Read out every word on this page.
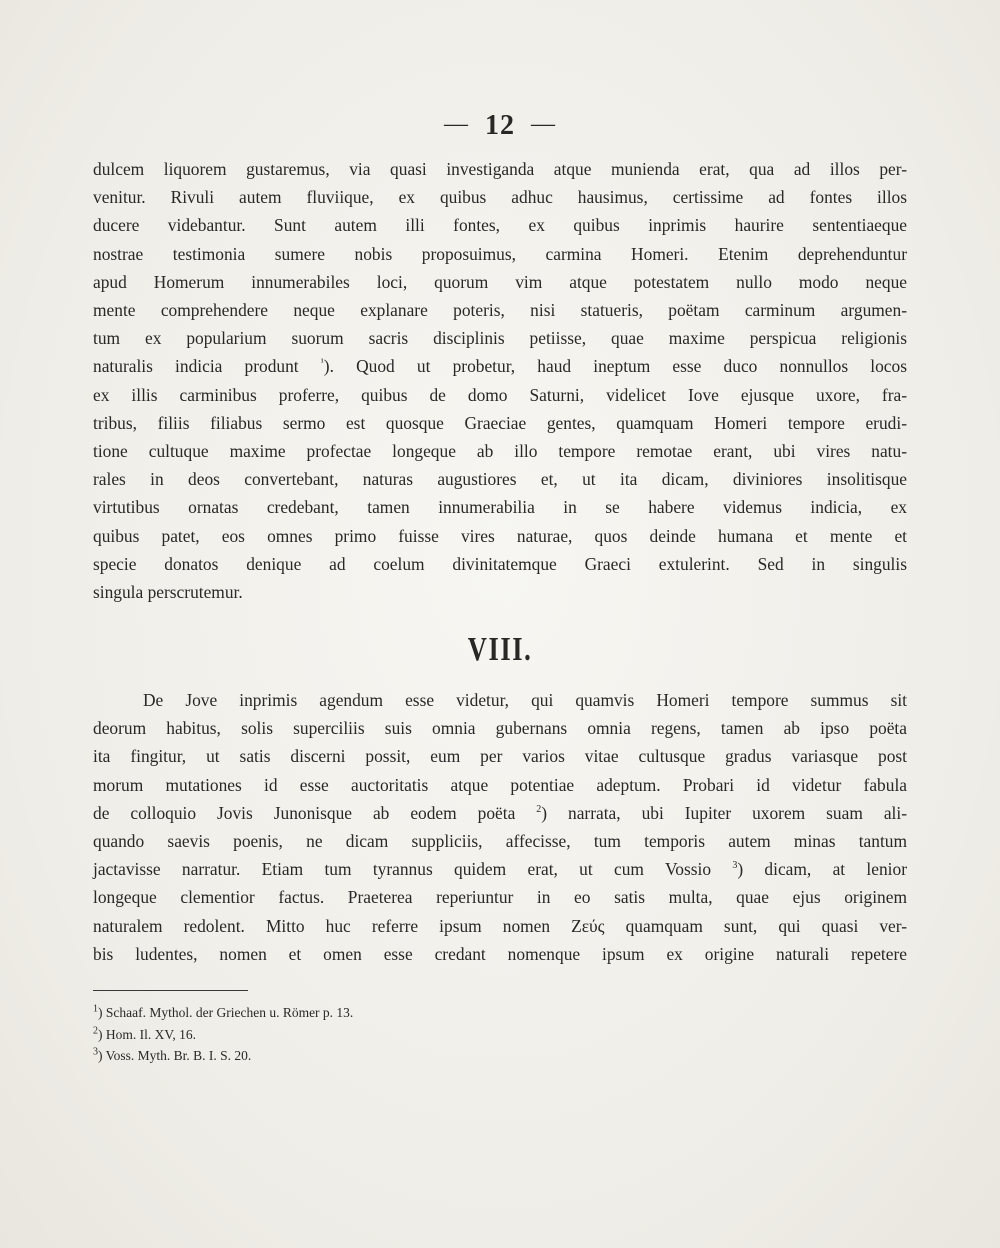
— 12 —
dulcem liquorem gustaremus, via quasi investiganda atque munienda erat, qua ad illos per-
venitur. Rivuli autem fluviique, ex quibus adhuc hausimus, certissime ad fontes illos
ducere videbantur. Sunt autem illi fontes, ex quibus inprimis haurire sententiaeque
nostrae testimonia sumere nobis proposuimus, carmina Homeri. Etenim deprehenduntur
apud Homerum innumerabiles loci, quorum vim atque potestatem nullo modo neque
mente comprehendere neque explanare poteris, nisi statueris, poëtam carminum argumen-
tum ex popularium suorum sacris disciplinis petiisse, quae maxime perspicua religionis
naturalis indicia produnt $^{^1}$). Quod ut probetur, haud ineptum esse duco nonnullos locos
ex illis carminibus proferre, quibus de domo Saturni, videlicet Iove ejusque uxore, fra-
tribus, filiis filiabus sermo est quosque Graeciae gentes, quamquam Homeri tempore erudi-
tione cultuque maxime profectae longeque ab illo tempore remotae erant, ubi vires natu-
rales in deos convertebant, naturas augustiores et, ut ita dicam, diviniores insolitisque
virtutibus ornatas credebant, tamen innumerabilia in se habere videmus indicia, ex
quibus patet, eos omnes primo fuisse vires naturae, quos deinde humana et mente et
specie donatos denique ad coelum divinitatemque Graeci extulerint. Sed in singulis
singula perscrutemur.
VIII.
De Jove inprimis agendum esse videtur, qui quamvis Homeri tempore summus sit
deorum habitus, solis superciliis suis omnia gubernans omnia regens, tamen ab ipso poëta
ita fingitur, ut satis discerni possit, eum per varios vitae cultusque gradus variasque post
morum mutationes id esse auctoritatis atque potentiae adeptum. Probari id videtur fabula
de colloquio Jovis Junonisque ab eodem poëta $^2$) narrata, ubi Iupiter uxorem suam ali-
quando saevis poenis, ne dicam suppliciis, affecisse, tum temporis autem minas tantum
jactavisse narratur. Etiam tum tyrannus quidem erat, ut cum Vossio $^3$) dicam, at lenior
longeque clementior factus. Praeterea reperiuntur in eo satis multa, quae ejus originem
naturalem redolent. Mitto huc referre ipsum nomen Ζεύς quamquam sunt, qui quasi ver-
bis ludentes, nomen et omen esse credant nomenque ipsum ex origine naturali repetere
$^1$) Schaaf. Mythol. der Griechen u. Römer p. 13.
$^2$) Hom. Il. XV, 16.
$^3$) Voss. Myth. Br. B. I. S. 20.
